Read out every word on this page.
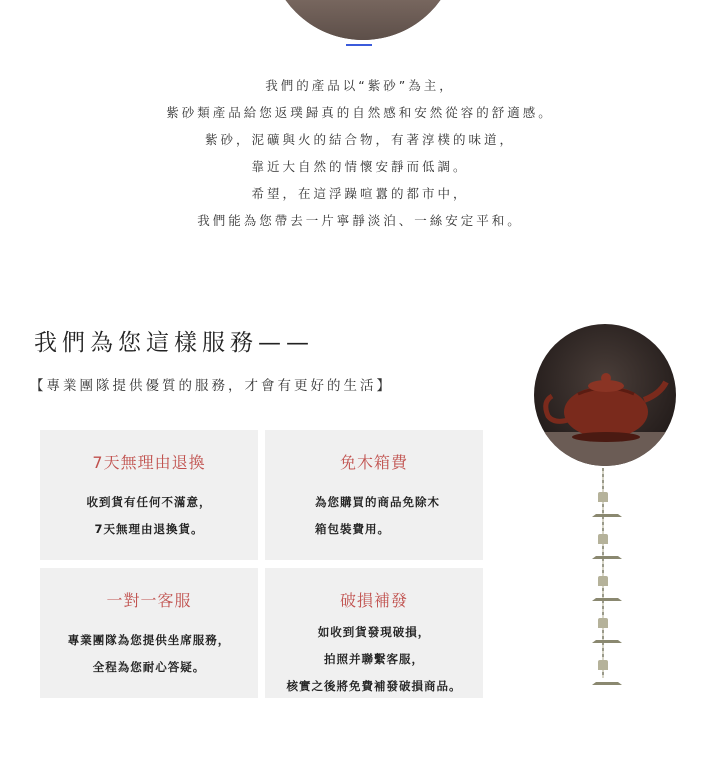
我們的產品以“紫砂”為主，
紫砂類產品給您返璞歸真的自然感和安然從容的舒適感。
紫砂，泥礦與火的結合物，有著淳樸的味道，
靠近大自然的情懷安靜而低調。
希望，在這浮躁喧囂的都市中，
我們能為您帶去一片寧靜淡泊、一絲安定平和。
我們為您這樣服務——
【專業團隊提供優質的服務，才會有更好的生活】
7天無理由退換
收到貨有任何不滿意，
7天無理由退換貨。
免木箱費
為您購買的商品免除木
箱包裝費用。
一對一客服
專業團隊為您提供坐席服務，
全程為您耐心答疑。
破損補發
如收到貨發現破損，
拍照并聯繫客服，
核實之後將免費補發破損商品。
